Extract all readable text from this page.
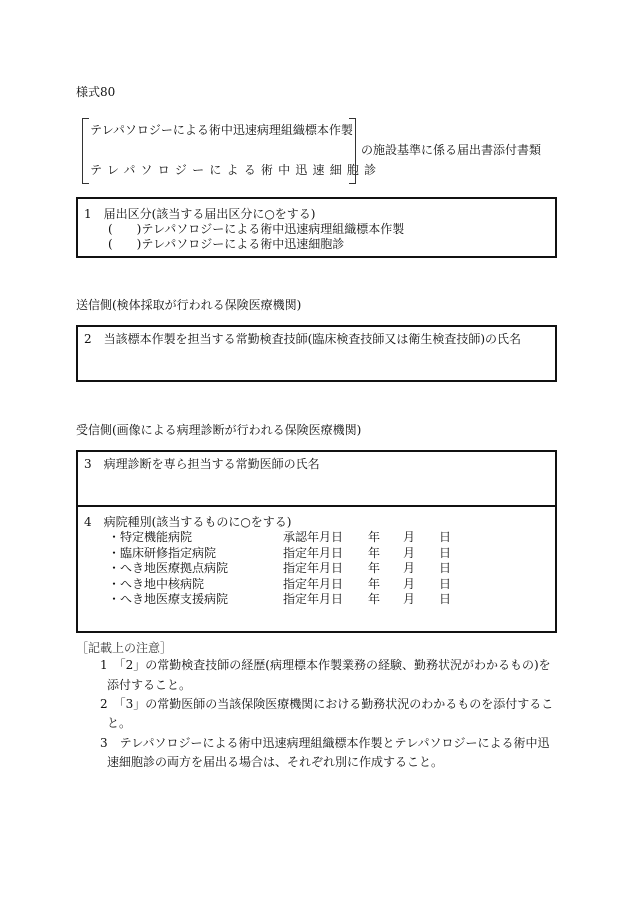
様式80
テレパソロジーによる術中迅速病理組織標本作製
テレパソロジーによる術中迅速細胞診
の施設基準に係る届出書添付書類
1　届出区分(該当する届出区分に○をする)
(　　)テレパソロジーによる術中迅速病理組織標本作製
(　　)テレパソロジーによる術中迅速細胞診
送信側(検体採取が行われる保険医療機関)
2　当該標本作製を担当する常勤検査技師(臨床検査技師又は衛生検査技師)の氏名
受信側(画像による病理診断が行われる保険医療機関)
3　病理診断を専ら担当する常勤医師の氏名
4　病院種別(該当するものに○をする)
・特定機能病院	承認年月日 年 月 日
・臨床研修指定病院	指定年月日 年 月 日
・へき地医療拠点病院	指定年月日 年 月 日
・へき地中核病院	指定年月日 年 月 日
・へき地医療支援病院	指定年月日 年 月 日
［記載上の注意］
1　「2」の常勤検査技師の経歴(病理標本作製業務の経験、勤務状況がわかるもの)を
添付すること。
2　「3」の常勤医師の当該保険医療機関における勤務状況のわかるものを添付するこ
と。
3　テレパソロジーによる術中迅速病理組織標本作製とテレパソロジーによる術中迅
速細胞診の両方を届出る場合は、それぞれ別に作成すること。
